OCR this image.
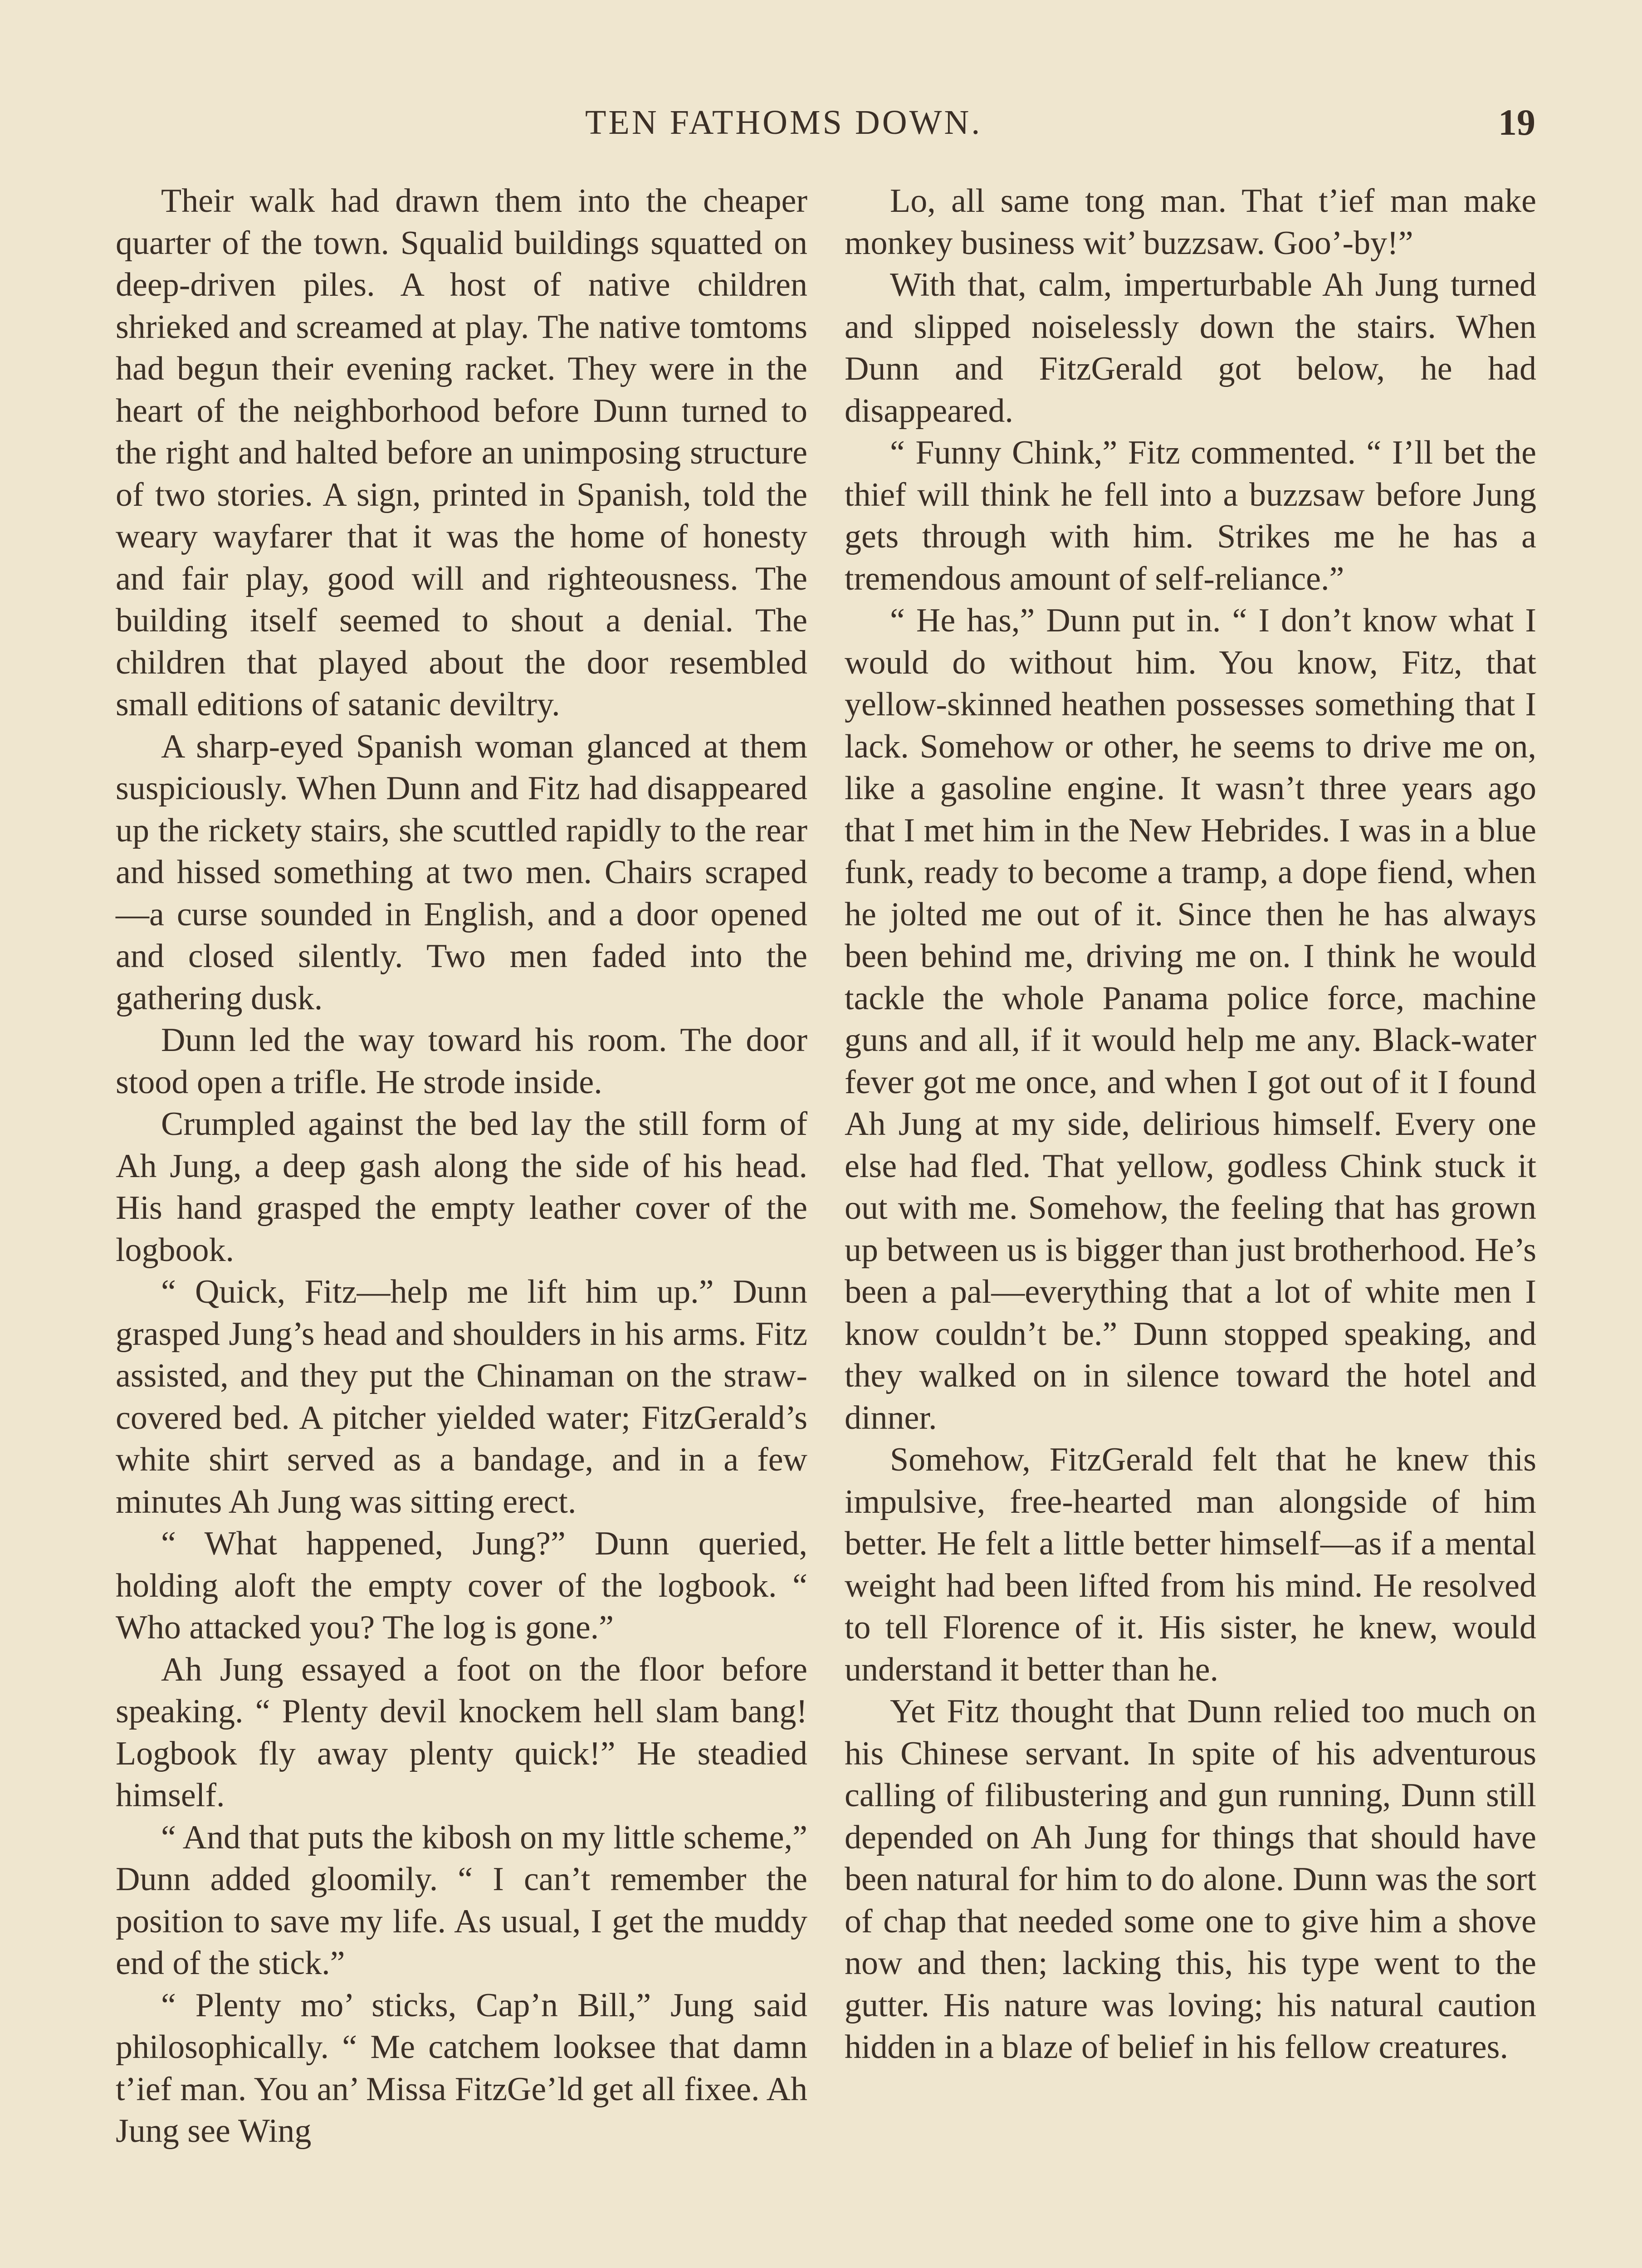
TEN FATHOMS DOWN.	19

Their walk had drawn them into the cheaper quarter of the town. Squalid buildings squatted on deep-driven piles. A host of native children shrieked and screamed at play. The native tomtoms had begun their evening racket. They were in the heart of the neighborhood before Dunn turned to the right and halted before an unimposing structure of two stories. A sign, printed in Spanish, told the weary wayfarer that it was the home of honesty and fair play, good will and righteousness. The building itself seemed to shout a denial. The children that played about the door resembled small editions of satanic deviltry.

A sharp-eyed Spanish woman glanced at them suspiciously. When Dunn and Fitz had disappeared up the rickety stairs, she scuttled rapidly to the rear and hissed something at two men. Chairs scraped—a curse sounded in English, and a door opened and closed silently. Two men faded into the gathering dusk.

Dunn led the way toward his room. The door stood open a trifle. He strode inside.

Crumpled against the bed lay the still form of Ah Jung, a deep gash along the side of his head. His hand grasped the empty leather cover of the logbook.

“ Quick, Fitz—help me lift him up.” Dunn grasped Jung’s head and shoulders in his arms. Fitz assisted, and they put the Chinaman on the straw-covered bed. A pitcher yielded water; FitzGerald’s white shirt served as a bandage, and in a few minutes Ah Jung was sitting erect.

“ What happened, Jung?” Dunn queried, holding aloft the empty cover of the logbook. “ Who attacked you? The log is gone.”

Ah Jung essayed a foot on the floor before speaking. “ Plenty devil knockem hell slam bang! Logbook fly away plenty quick!” He steadied himself.

“ And that puts the kibosh on my little scheme,” Dunn added gloomily. “ I can’t remember the position to save my life. As usual, I get the muddy end of the stick.”

“ Plenty mo’ sticks, Cap’n Bill,” Jung said philosophically. “ Me catchem looksee that damn t’ief man. You an’ Missa FitzGe’ld get all fixee. Ah Jung see Wing

Lo, all same tong man. That t’ief man make monkey business wit’ buzzsaw. Goo’-by!”

With that, calm, imperturbable Ah Jung turned and slipped noiselessly down the stairs. When Dunn and FitzGerald got below, he had disappeared.

“ Funny Chink,” Fitz commented. “ I’ll bet the thief will think he fell into a buzzsaw before Jung gets through with him. Strikes me he has a tremendous amount of self-reliance.”

“ He has,” Dunn put in. “ I don’t know what I would do without him. You know, Fitz, that yellow-skinned heathen possesses something that I lack. Somehow or other, he seems to drive me on, like a gasoline engine. It wasn’t three years ago that I met him in the New Hebrides. I was in a blue funk, ready to become a tramp, a dope fiend, when he jolted me out of it. Since then he has always been behind me, driving me on. I think he would tackle the whole Panama police force, machine guns and all, if it would help me any. Black-water fever got me once, and when I got out of it I found Ah Jung at my side, delirious himself. Every one else had fled. That yellow, godless Chink stuck it out with me. Somehow, the feeling that has grown up between us is bigger than just brotherhood. He’s been a pal—everything that a lot of white men I know couldn’t be.” Dunn stopped speaking, and they walked on in silence toward the hotel and dinner.

Somehow, FitzGerald felt that he knew this impulsive, free-hearted man alongside of him better. He felt a little better himself—as if a mental weight had been lifted from his mind. He resolved to tell Florence of it. His sister, he knew, would understand it better than he.

Yet Fitz thought that Dunn relied too much on his Chinese servant. In spite of his adventurous calling of filibustering and gun running, Dunn still depended on Ah Jung for things that should have been natural for him to do alone. Dunn was the sort of chap that needed some one to give him a shove now and then; lacking this, his type went to the gutter. His nature was loving; his natural caution hidden in a blaze of belief in his fellow creatures.
